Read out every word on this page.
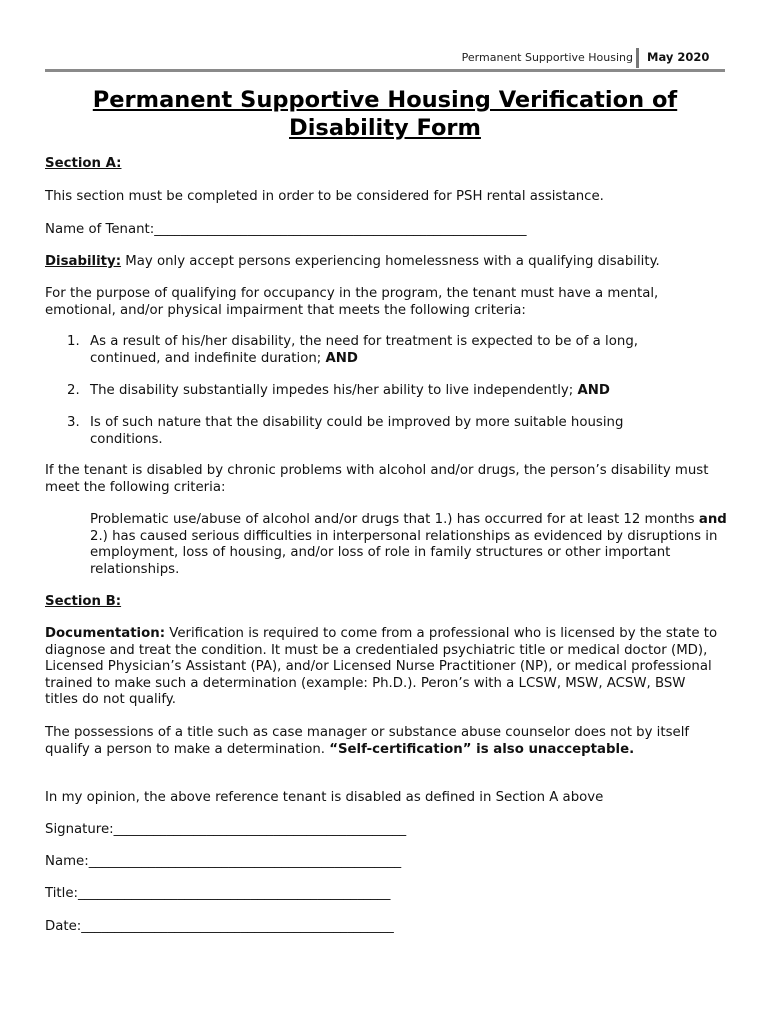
Permanent Supportive Housing May 2020
Permanent Supportive Housing Verification of Disability Form

Section A:

This section must be completed in order to be considered for PSH rental assistance.

Name of Tenant:________________________________________________________

Disability: May only accept persons experiencing homelessness with a qualifying disability.

For the purpose of qualifying for occupancy in the program, the tenant must have a mental, emotional, and/or physical impairment that meets the following criteria:

1. As a result of his/her disability, the need for treatment is expected to be of a long, continued, and indefinite duration; AND
2. The disability substantially impedes his/her ability to live independently; AND
3. Is of such nature that the disability could be improved by more suitable housing conditions.

If the tenant is disabled by chronic problems with alcohol and/or drugs, the person’s disability must meet the following criteria:

Problematic use/abuse of alcohol and/or drugs that 1.) has occurred for at least 12 months and 2.) has caused serious difficulties in interpersonal relationships as evidenced by disruptions in employment, loss of housing, and/or loss of role in family structures or other important relationships.

Section B:

Documentation: Verification is required to come from a professional who is licensed by the state to diagnose and treat the condition. It must be a credentialed psychiatric title or medical doctor (MD), Licensed Physician’s Assistant (PA), and/or Licensed Nurse Practitioner (NP), or medical professional trained to make such a determination (example: Ph.D.). Peron’s with a LCSW, MSW, ACSW, BSW titles do not qualify.

The possessions of a title such as case manager or substance abuse counselor does not by itself qualify a person to make a determination. “Self-certification” is also unacceptable.

In my opinion, the above reference tenant is disabled as defined in Section A above

Signature:____________________________________________

Name:_______________________________________________

Title:_______________________________________________

Date:_______________________________________________
